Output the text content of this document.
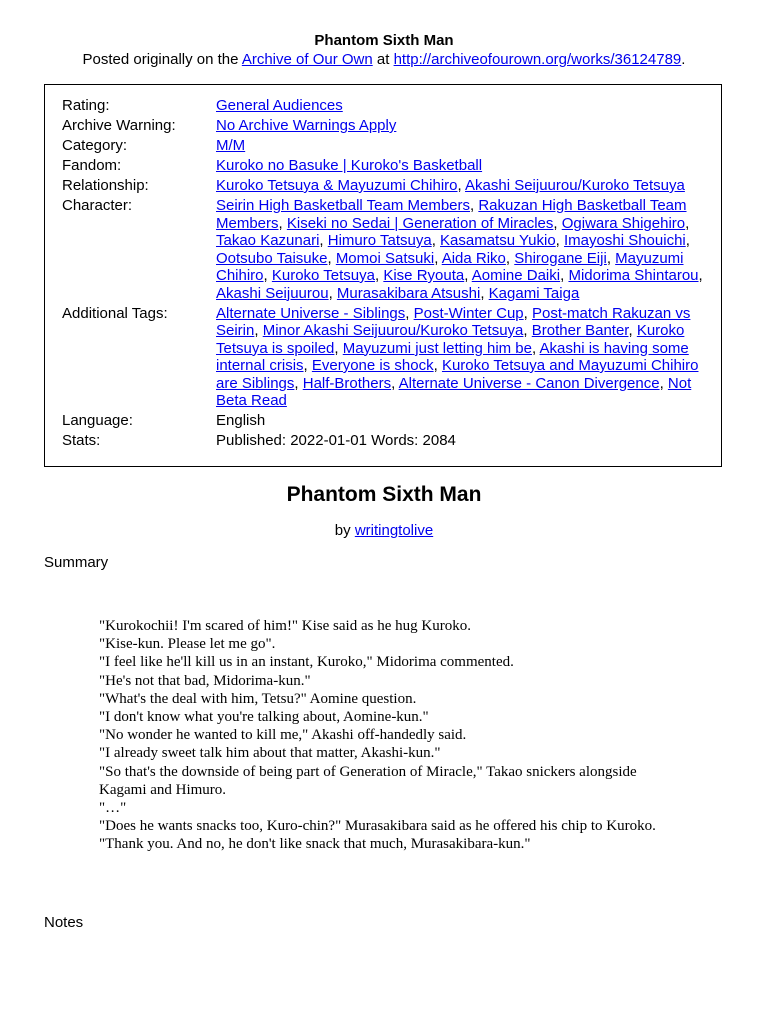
Phantom Sixth Man
Posted originally on the Archive of Our Own at http://archiveofourown.org/works/36124789.
Rating:	General Audiences
Archive Warning:	No Archive Warnings Apply
Category:	M/M
Fandom:	Kuroko no Basuke | Kuroko's Basketball
Relationship:	Kuroko Tetsuya & Mayuzumi Chihiro, Akashi Seijuurou/Kuroko Tetsuya
Character:	Seirin High Basketball Team Members, Rakuzan High Basketball Team Members, Kiseki no Sedai | Generation of Miracles, Ogiwara Shigehiro, Takao Kazunari, Himuro Tatsuya, Kasamatsu Yukio, Imayoshi Shouichi, Ootsubo Taisuke, Momoi Satsuki, Aida Riko, Shirogane Eiji, Mayuzumi Chihiro, Kuroko Tetsuya, Kise Ryouta, Aomine Daiki, Midorima Shintarou, Akashi Seijuurou, Murasakibara Atsushi, Kagami Taiga
Additional Tags:	Alternate Universe - Siblings, Post-Winter Cup, Post-match Rakuzan vs Seirin, Minor Akashi Seijuurou/Kuroko Tetsuya, Brother Banter, Kuroko Tetsuya is spoiled, Mayuzumi just letting him be, Akashi is having some internal crisis, Everyone is shock, Kuroko Tetsuya and Mayuzumi Chihiro are Siblings, Half-Brothers, Alternate Universe - Canon Divergence, Not Beta Read
Language:	English
Stats:	Published: 2022-01-01 Words: 2084
Phantom Sixth Man
by writingtolive
Summary

"Kurokochii! I'm scared of him!" Kise said as he hug Kuroko.

"Kise-kun. Please let me go".

"I feel like he'll kill us in an instant, Kuroko," Midorima commented.

"He's not that bad, Midorima-kun."

"What's the deal with him, Tetsu?" Aomine question.

"I don't know what you're talking about, Aomine-kun."

"No wonder he wanted to kill me," Akashi off-handedly said.

"I already sweet talk him about that matter, Akashi-kun."

"So that's the downside of being part of Generation of Miracle," Takao snickers alongside Kagami and Himuro.

"…"

"Does he wants snacks too, Kuro-chin?" Murasakibara said as he offered his chip to Kuroko.

"Thank you. And no, he don't like snack that much, Murasakibara-kun."

Notes
